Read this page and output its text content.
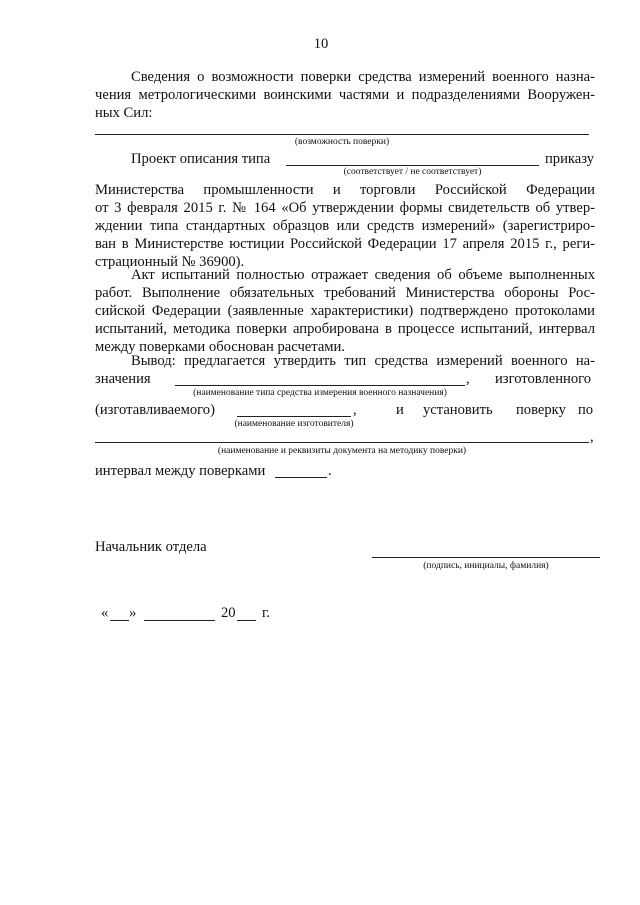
10
Сведения о возможности поверки средства измерений военного назна-
чения метрологическими воинскими частями и подразделениями Вооружен-
ных Сил:
(возможность поверки)
Проект описания типа	приказу
(соответствует / не соответствует)
Министерства промышленности и торговли Российской Федерации
от 3 февраля 2015 г. № 164 «Об утверждении формы свидетельств об утвер-
ждении типа стандартных образцов или средств измерений» (зарегистриро-
ван в Министерстве юстиции Российской Федерации 17 апреля 2015 г., реги-
страционный № 36900).
Акт испытаний полностью отражает сведения об объеме выполненных
работ. Выполнение обязательных требований Министерства обороны Рос-
сийской Федерации (заявленные характеристики) подтверждено протоколами
испытаний, методика поверки апробирована в процессе испытаний, интервал
между поверками обоснован расчетами.
Вывод: предлагается утвердить тип средства измерений военного на-
значения	, изготовленного
(наименование типа средства измерения военного назначения)
(изготавливаемого)	,	и установить поверку по
(наименование изготовителя)
,
(наименование и реквизиты документа на методику поверки)
интервал между поверками	.
Начальник отдела
(подпись, инициалы, фамилия)
« »	20 г.
